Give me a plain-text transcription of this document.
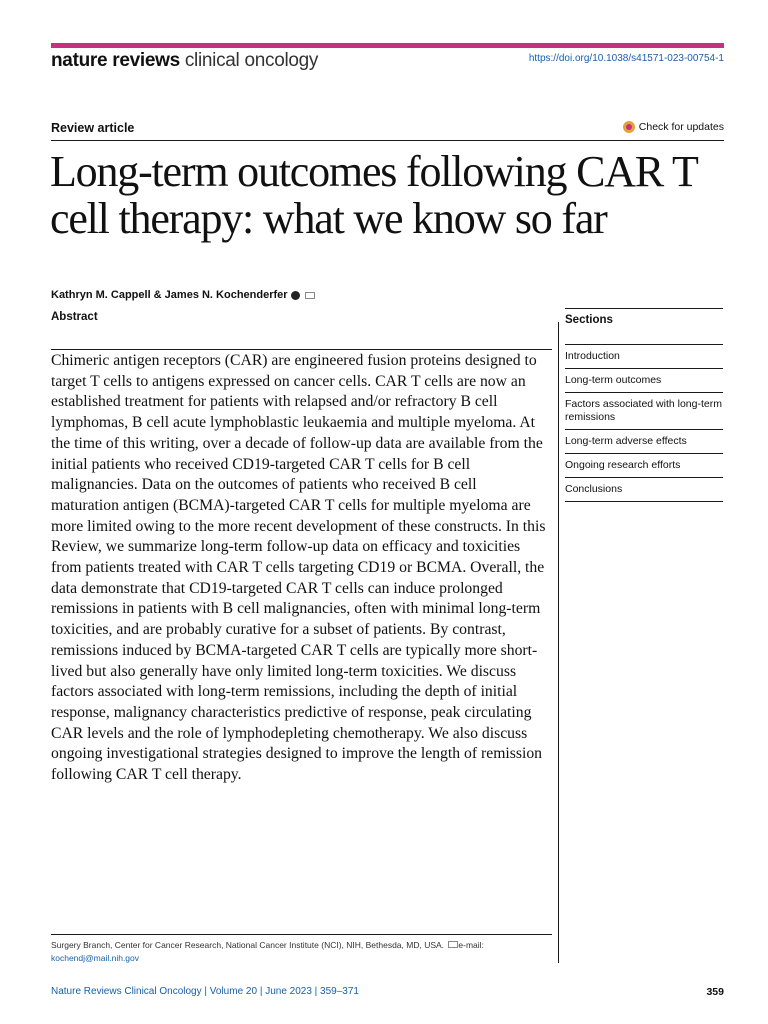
nature reviews clinical oncology	https://doi.org/10.1038/s41571-023-00754-1
Review article	Check for updates
Long-term outcomes following CAR T cell therapy: what we know so far
Kathryn M. Cappell & James N. Kochenderfer
Abstract

Chimeric antigen receptors (CAR) are engineered fusion proteins designed to target T cells to antigens expressed on cancer cells. CAR T cells are now an established treatment for patients with relapsed and/or refractory B cell lymphomas, B cell acute lymphoblastic leukaemia and multiple myeloma. At the time of this writing, over a decade of follow-up data are available from the initial patients who received CD19-targeted CAR T cells for B cell malignancies. Data on the outcomes of patients who received B cell maturation antigen (BCMA)-targeted CAR T cells for multiple myeloma are more limited owing to the more recent development of these constructs. In this Review, we summarize long-term follow-up data on efficacy and toxicities from patients treated with CAR T cells targeting CD19 or BCMA. Overall, the data demonstrate that CD19-targeted CAR T cells can induce prolonged remissions in patients with B cell malignancies, often with minimal long-term toxicities, and are probably curative for a subset of patients. By contrast, remissions induced by BCMA-targeted CAR T cells are typically more short-lived but also generally have only limited long-term toxicities. We discuss factors associated with long-term remissions, including the depth of initial response, malignancy characteristics predictive of response, peak circulating CAR levels and the role of lymphodepleting chemotherapy. We also discuss ongoing investigational strategies designed to improve the length of remission following CAR T cell therapy.

Sections
Introduction
Long-term outcomes
Factors associated with long-term remissions
Long-term adverse effects
Ongoing research efforts
Conclusions
Surgery Branch, Center for Cancer Research, National Cancer Institute (NCI), NIH, Bethesda, MD, USA. e-mail:
kochendj@mail.nih.gov
Nature Reviews Clinical Oncology | Volume 20 | June 2023 | 359–371	359
